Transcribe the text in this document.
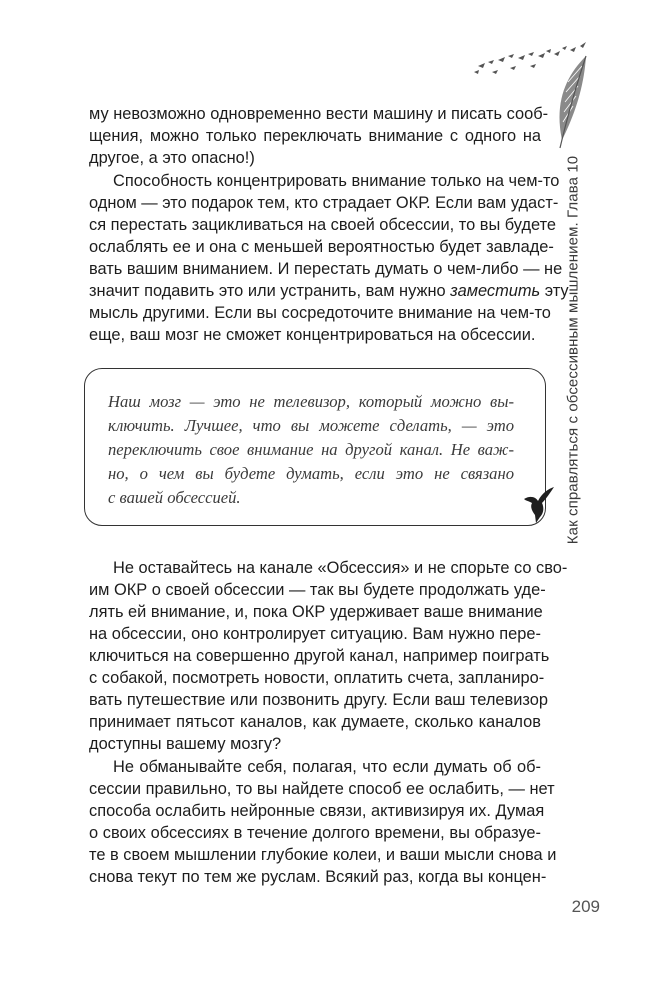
му невозможно одновременно вести машину и писать сооб-
щения, можно только переключать внимание с одного на
другое, а это опасно!)
Способность концентрировать внимание только на чем-то
одном — это подарок тем, кто страдает ОКР. Если вам удаст-
ся перестать зацикливаться на своей обсессии, то вы будете
ослаблять ее и она с меньшей вероятностью будет завладе-
вать вашим вниманием. И перестать думать о чем-либо — не
значит подавить это или устранить, вам нужно заместить эту
мысль другими. Если вы сосредоточите внимание на чем-то
еще, ваш мозг не сможет концентрироваться на обсессии.
Наш мозг — это не телевизор, который можно вы-
ключить. Лучшее, что вы можете сделать, — это
переключить свое внимание на другой канал. Не важ-
но, о чем вы будете думать, если это не связано
с вашей обсессией.
Не оставайтесь на канале «Обсессия» и не спорьте со сво-
им ОКР о своей обсессии — так вы будете продолжать уде-
лять ей внимание, и, пока ОКР удерживает ваше внимание
на обсессии, оно контролирует ситуацию. Вам нужно пере-
ключиться на совершенно другой канал, например поиграть
с собакой, посмотреть новости, оплатить счета, запланиро-
вать путешествие или позвонить другу. Если ваш телевизор
принимает пятьсот каналов, как думаете, сколько каналов
доступны вашему мозгу?
Не обманывайте себя, полагая, что если думать об об-
сессии правильно, то вы найдете способ ее ослабить, — нет
способа ослабить нейронные связи, активизируя их. Думая
о своих обсессиях в течение долгого времени, вы образуе-
те в своем мышлении глубокие колеи, и ваши мысли снова и
снова текут по тем же руслам. Всякий раз, когда вы концен-
Как справляться с обсессивным мышлением. Глава 10
209
